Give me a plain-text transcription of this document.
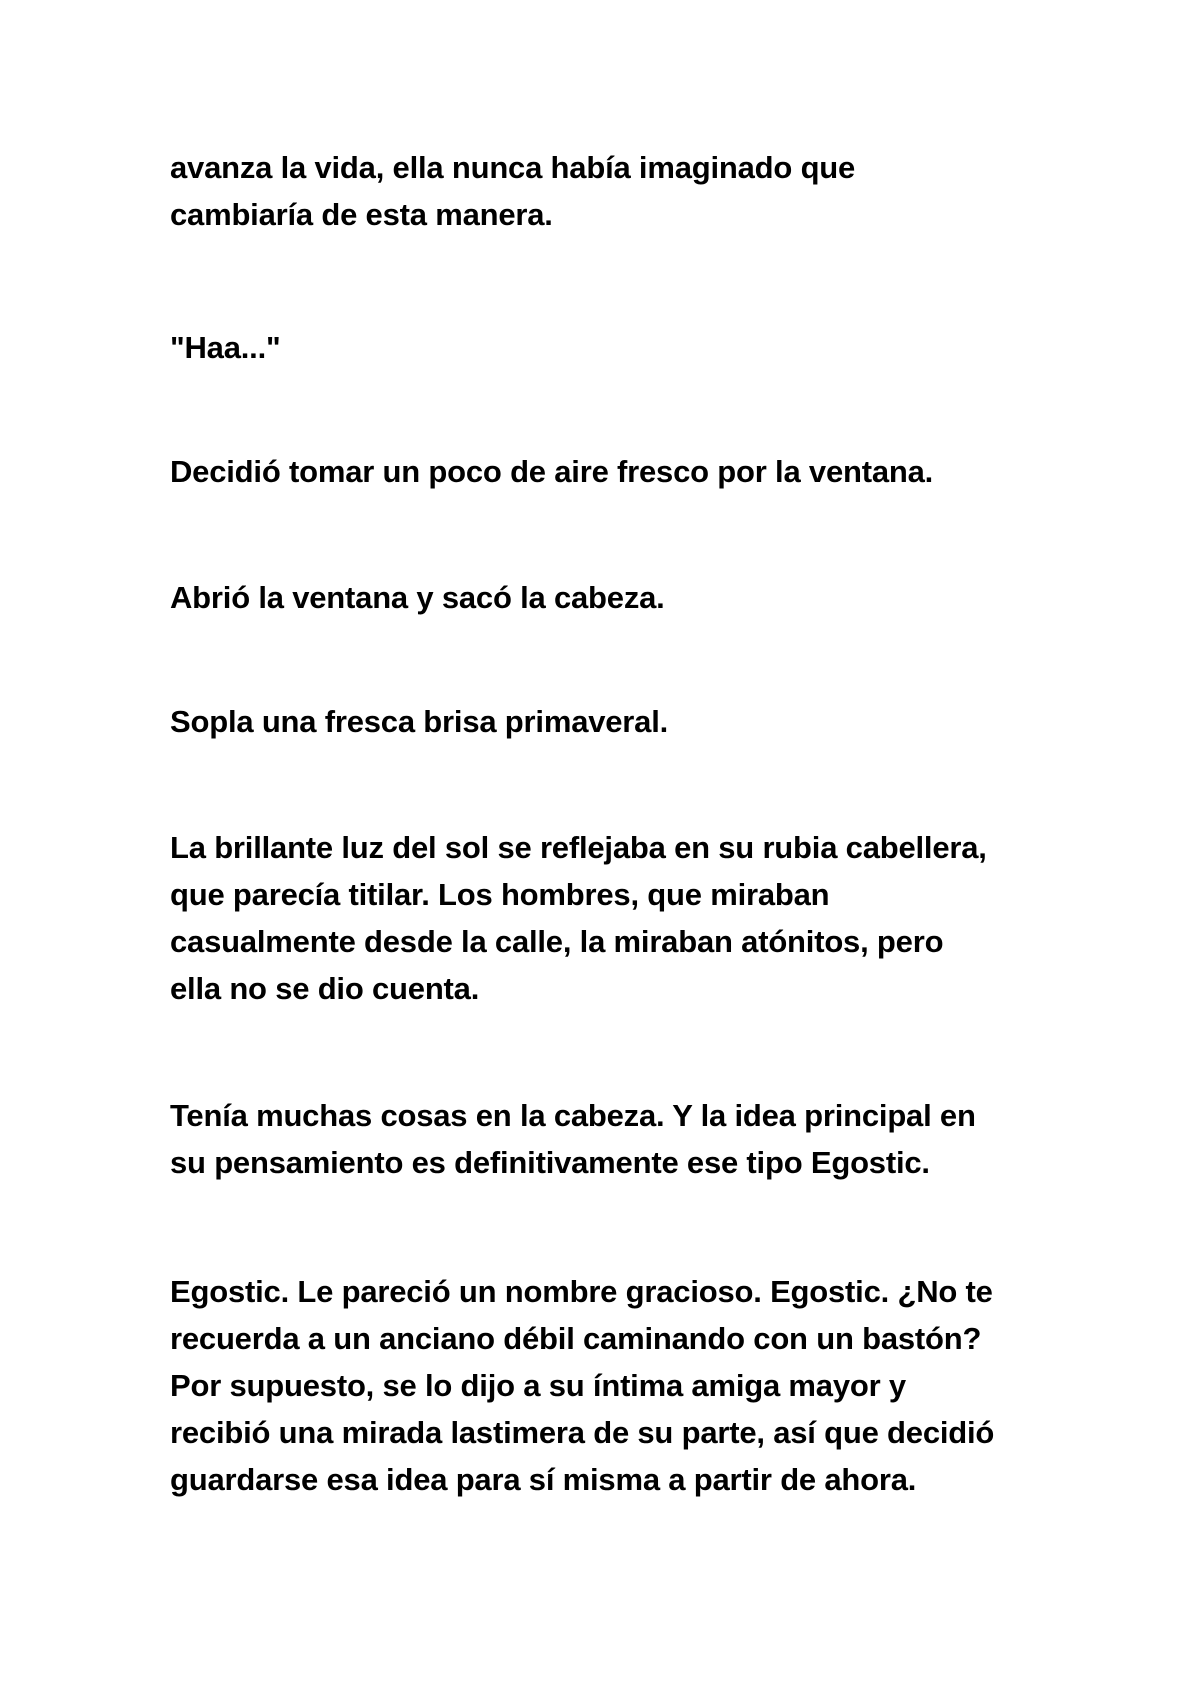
avanza la vida, ella nunca había imaginado que
cambiaría de esta manera.
"Haa..."
Decidió tomar un poco de aire fresco por la ventana.
Abrió la ventana y sacó la cabeza.
Sopla una fresca brisa primaveral.
La brillante luz del sol se reflejaba en su rubia cabellera,
que parecía titilar. Los hombres, que miraban
casualmente desde la calle, la miraban atónitos, pero
ella no se dio cuenta.
Tenía muchas cosas en la cabeza. Y la idea principal en
su pensamiento es definitivamente ese tipo Egostic.
Egostic. Le pareció un nombre gracioso. Egostic. ¿No te
recuerda a un anciano débil caminando con un bastón?
Por supuesto, se lo dijo a su íntima amiga mayor y
recibió una mirada lastimera de su parte, así que decidió
guardarse esa idea para sí misma a partir de ahora.
